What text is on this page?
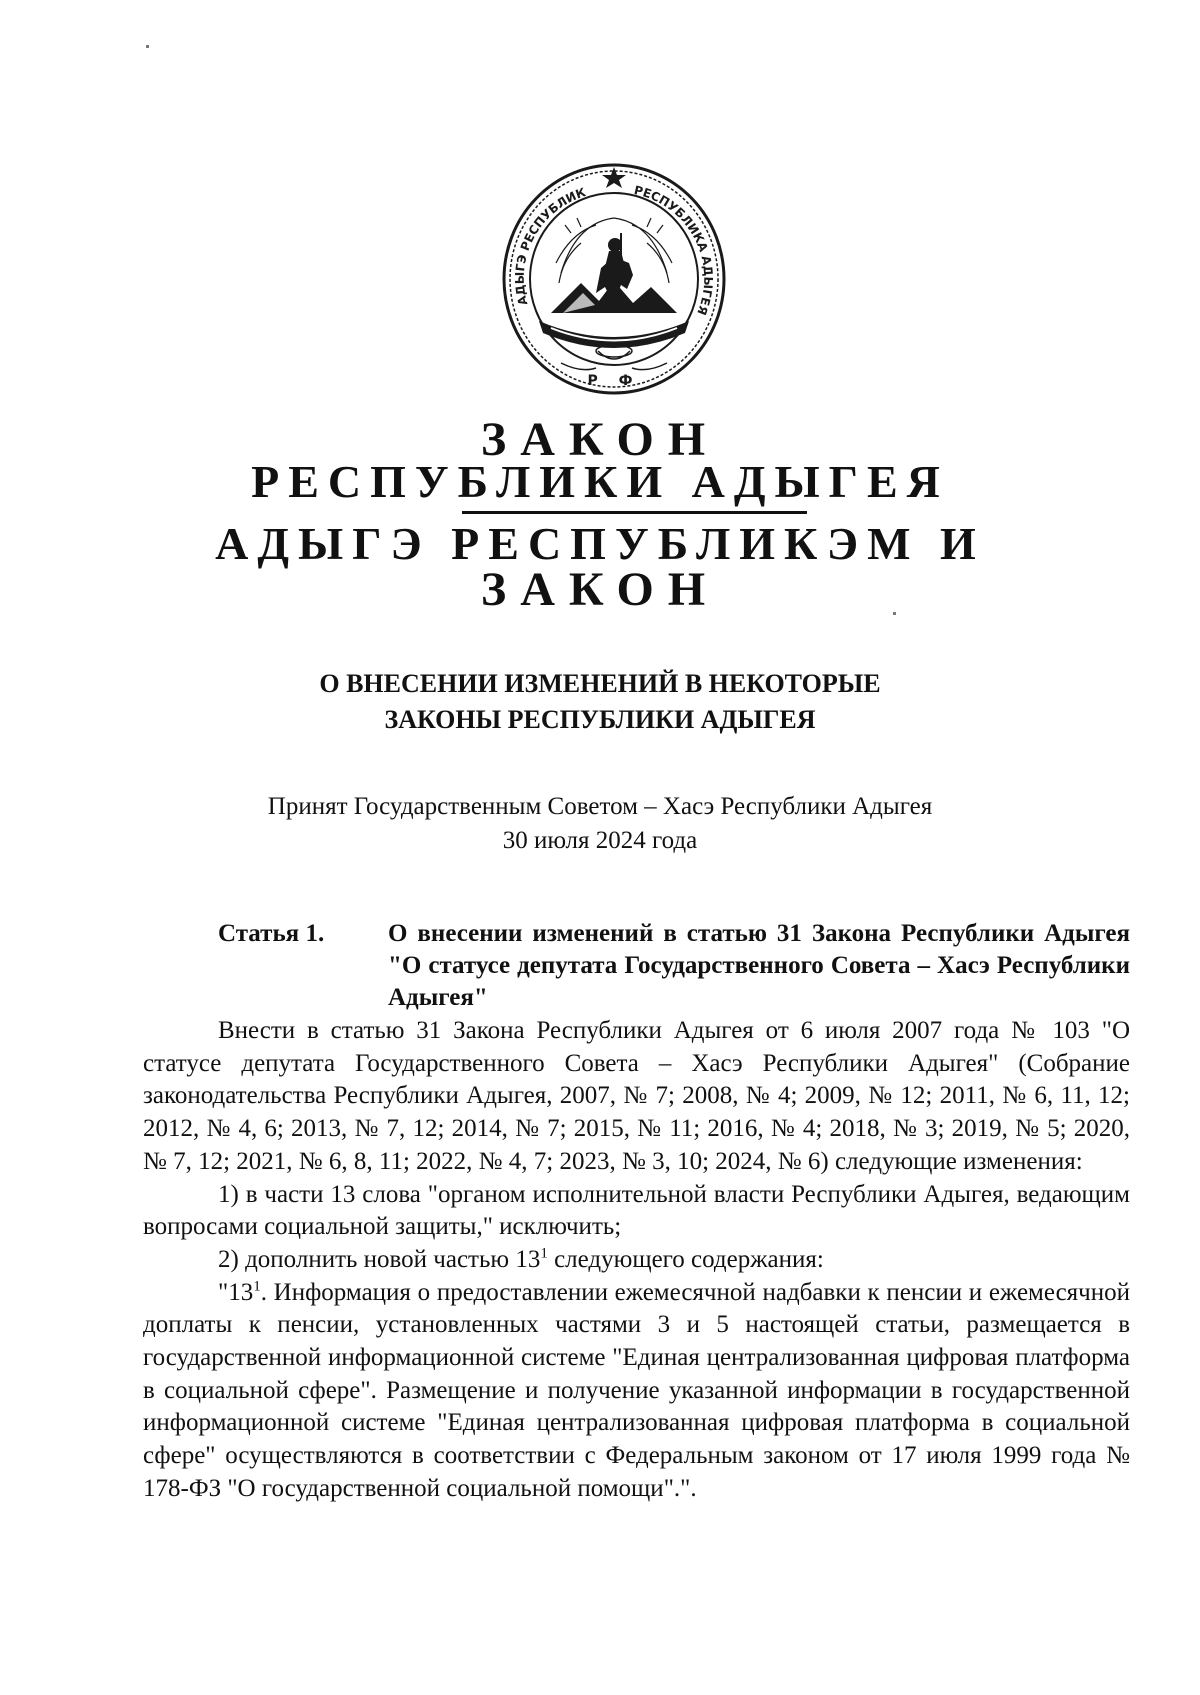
АДЫГЭ РЕСПУБЛИК	РЕСПУБЛИКА АДЫГЕЯ
Р Ф
ЗАКОН
РЕСПУБЛИКИ АДЫГЕЯ
АДЫГЭ РЕСПУБЛИКЭМ И
ЗАКОН
О ВНЕСЕНИИ ИЗМЕНЕНИЙ В НЕКОТОРЫЕ
ЗАКОНЫ РЕСПУБЛИКИ АДЫГЕЯ
Принят Государственным Советом – Хасэ Республики Адыгея
30 июля 2024 года
Статья 1.	О внесении изменений в статью 31 Закона Республики Адыгея "О статусе депутата Государственного Совета – Хасэ Республики Адыгея"

Внести в статью 31 Закона Республики Адыгея от 6 июля 2007 года № 103 "О статусе депутата Государственного Совета – Хасэ Республики Адыгея" (Собрание законодательства Республики Адыгея, 2007, № 7; 2008, № 4; 2009, № 12; 2011, № 6, 11, 12; 2012, № 4, 6; 2013, № 7, 12; 2014, № 7; 2015, № 11; 2016, № 4; 2018, № 3; 2019, № 5; 2020, № 7, 12; 2021, № 6, 8, 11; 2022, № 4, 7; 2023, № 3, 10; 2024, № 6) следующие изменения:

1) в части 13 слова "органом исполнительной власти Республики Адыгея, ведающим вопросами социальной защиты," исключить;

2) дополнить новой частью $13^1$ следующего содержания:

"$13^1$. Информация о предоставлении ежемесячной надбавки к пенсии и ежемесячной доплаты к пенсии, установленных частями 3 и 5 настоящей статьи, размещается в государственной информационной системе "Единая централизованная цифровая платформа в социальной сфере". Размещение и получение указанной информации в государственной информационной системе "Единая централизованная цифровая платформа в социальной сфере" осуществляются в соответствии с Федеральным законом от 17 июля 1999 года № 178-ФЗ "О государственной социальной помощи".".
